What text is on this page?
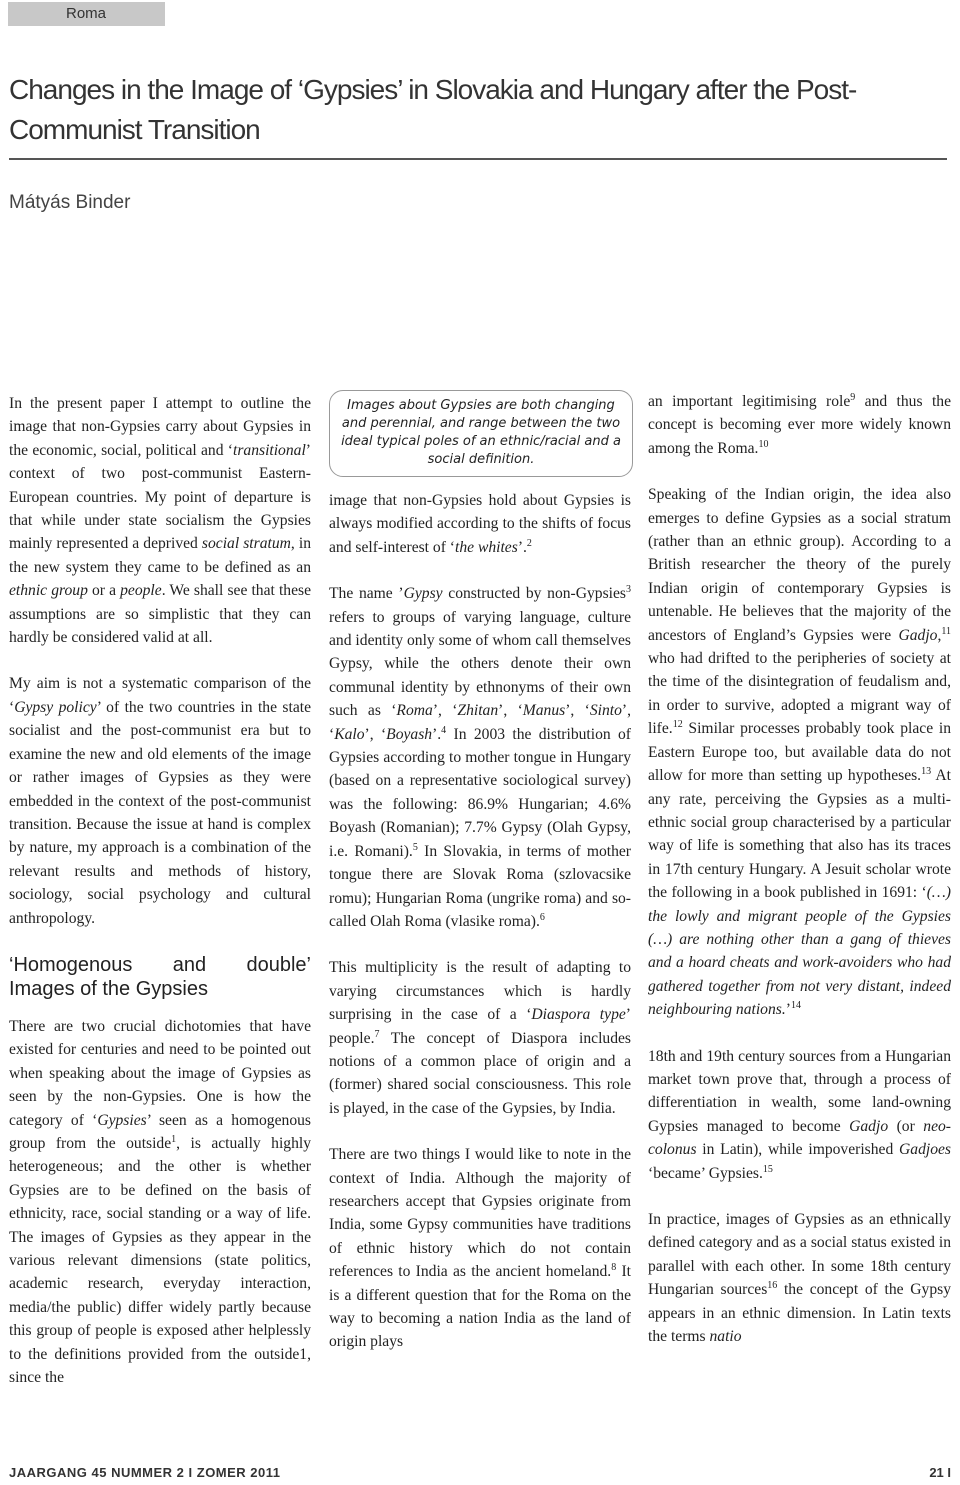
Roma
Changes in the Image of ‘Gypsies’ in Slovakia and Hungary after the Post-Communist Transition
Mátyás Binder

In the present paper I attempt to outline the image that non-Gypsies carry about Gypsies in the economic, social, political and ‘transitional’ context of two post-communist Eastern-European countries. My point of departure is that while under state socialism the Gypsies mainly represented a deprived social stratum, in the new system they came to be defined as an ethnic group or a people. We shall see that these assumptions are so simplistic that they can hardly be considered valid at all.

My aim is not a systematic comparison of the ‘Gypsy policy’ of the two countries in the state socialist and the post-communist era but to examine the new and old elements of the image or rather images of Gypsies as they were embedded in the context of the post-communist transition. Because the issue at hand is complex by nature, my approach is a combination of the relevant results and methods of history, sociology, social psychology and cultural anthropology.

‘Homogenous and double’ Images of the Gypsies

There are two crucial dichotomies that have existed for centuries and need to be pointed out when speaking about the image of Gypsies as seen by the non-Gypsies. One is how the category of ‘Gypsies’ seen as a homogenous group from the outside$^1$, is actually highly heterogeneous; and the other is whether Gypsies are to be defined on the basis of ethnicity, race, social standing or a way of life. The images of Gypsies as they appear in the various relevant dimensions (state politics, academic research, everyday interaction, media/the public) differ widely partly because this group of people is exposed ather helplessly to the definitions provided from the outside1, since the

Images about Gypsies are both changing and perennial, and range between the two ideal typical poles of an ethnic/racial and a social definition.

image that non-Gypsies hold about Gypsies is always modified according to the shifts of focus and self-interest of ‘the whites’.$^2$

The name ’Gypsy constructed by non-Gypsies$^3$ refers to groups of varying language, culture and identity only some of whom call themselves Gypsy, while the others denote their own communal identity by ethnonyms of their own such as ‘Roma’, ‘Zhitan’, ‘Manus’, ‘Sinto’, ‘Kalo’, ‘Boyash’.$^4$ In 2003 the distribution of Gypsies according to mother tongue in Hungary (based on a representative sociological survey) was the following: 86.9% Hungarian; 4.6% Boyash (Romanian); 7.7% Gypsy (Olah Gypsy, i.e. Romani).$^5$ In Slovakia, in terms of mother tongue there are Slovak Roma (szlovacsike romu); Hungarian Roma (ungrike roma) and so-called Olah Roma (vlasike roma).$^6$

This multiplicity is the result of adapting to varying circumstances which is hardly surprising in the case of a ‘Diaspora type’ people.$^7$ The concept of Diaspora includes notions of a common place of origin and a (former) shared social consciousness. This role is played, in the case of the Gypsies, by India.

There are two things I would like to note in the context of India. Although the majority of researchers accept that Gypsies originate from India, some Gypsy communities have traditions of ethnic history which do not contain references to India as the ancient homeland.$^8$ It is a different question that for the Roma on the way to becoming a nation India as the land of origin plays

an important legitimising role$^9$ and thus the concept is becoming ever more widely known among the Roma.$^{10}$

Speaking of the Indian origin, the idea also emerges to define Gypsies as a social stratum (rather than an ethnic group). According to a British researcher the theory of the purely Indian origin of contemporary Gypsies is untenable. He believes that the majority of the ancestors of England’s Gypsies were Gadjo,$^{11}$ who had drifted to the peripheries of society at the time of the disintegration of feudalism and, in order to survive, adopted a migrant way of life.$^{12}$ Similar processes probably took place in Eastern Europe too, but available data do not allow for more than setting up hypotheses.$^{13}$ At any rate, perceiving the Gypsies as a multi-ethnic social group characterised by a particular way of life is something that also has its traces in 17th century Hungary. A Jesuit scholar wrote the following in a book published in 1691: ‘(…) the lowly and migrant people of the Gypsies (…) are nothing other than a gang of thieves and a hoard cheats and work-avoiders who had gathered together from not very distant, indeed neighbouring nations.’$^{14}$

18th and 19th century sources from a Hungarian market town prove that, through a process of differentiation in wealth, some land-owning Gypsies managed to become Gadjo (or neo-colonus in Latin), while impoverished Gadjoes ‘became’ Gypsies.$^{15}$

In practice, images of Gypsies as an ethnically defined category and as a social status existed in parallel with each other. In some 18th century Hungarian sources$^{16}$ the concept of the Gypsy appears in an ethnic dimension. In Latin texts the terms natio

JAARGANG 45 NUMMER 2 I ZOMER 2011	21 I
